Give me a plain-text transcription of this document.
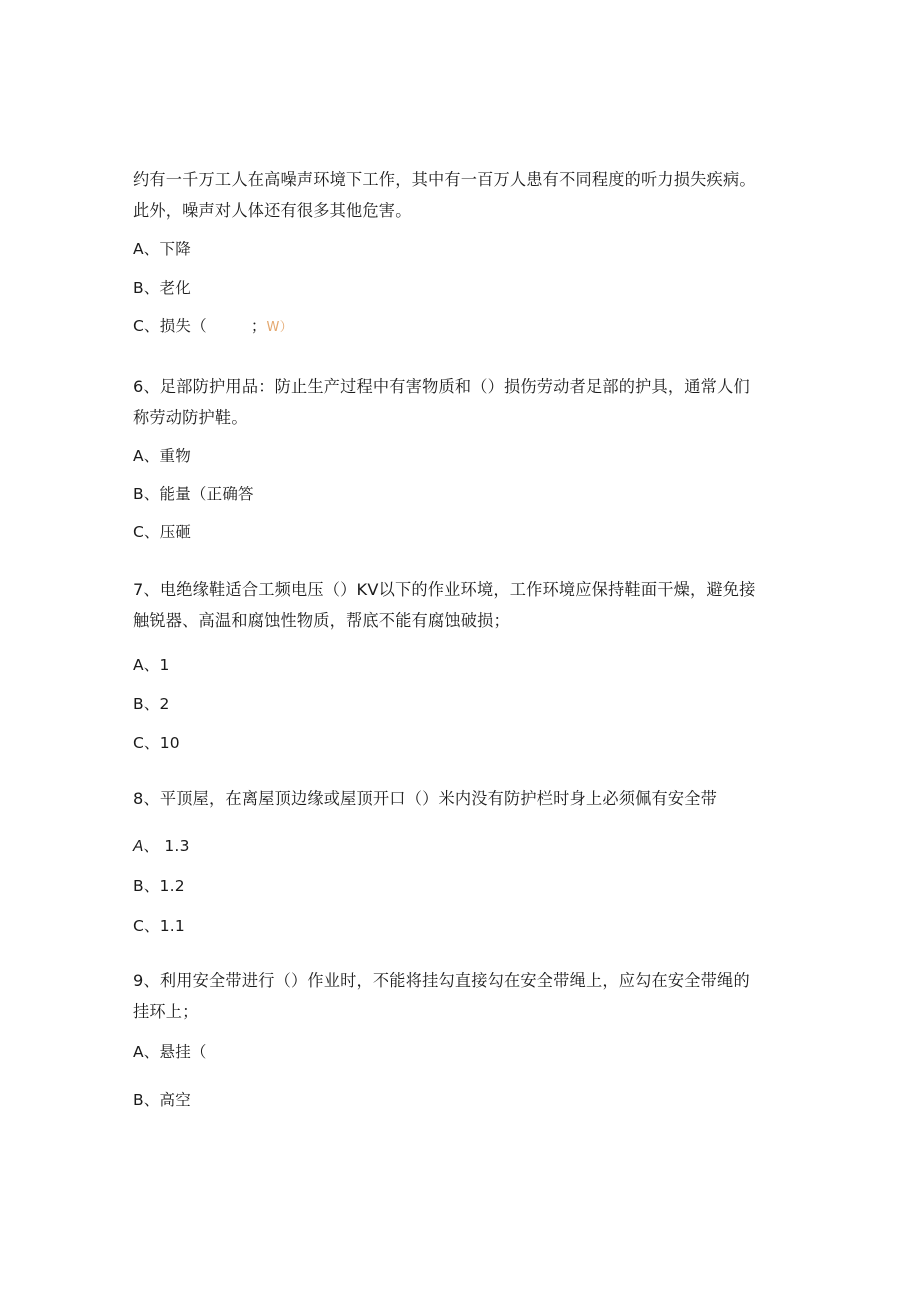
约有一千万工人在高噪声环境下工作，其中有一百万人患有不同程度的听力损失疾病。
此外，噪声对人体还有很多其他危害。
A、下降
B、老化
C、损失（	；W）
6、足部防护用品：防止生产过程中有害物质和（）损伤劳动者足部的护具，通常人们
称劳动防护鞋。
A、重物
B、能量（正确答
C、压砸
7、电绝缘鞋适合工频电压（）KV以下的作业环境，工作环境应保持鞋面干燥，避免接
触锐器、高温和腐蚀性物质，帮底不能有腐蚀破损；
A、1
B、2
C、10
8、平顶屋，在离屋顶边缘或屋顶开口（）米内没有防护栏时身上必须佩有安全带
A、 1.3
B、1.2
C、1.1
9、利用安全带进行（）作业时，不能将挂勾直接勾在安全带绳上，应勾在安全带绳的
挂环上；
A、悬挂（
B、高空
